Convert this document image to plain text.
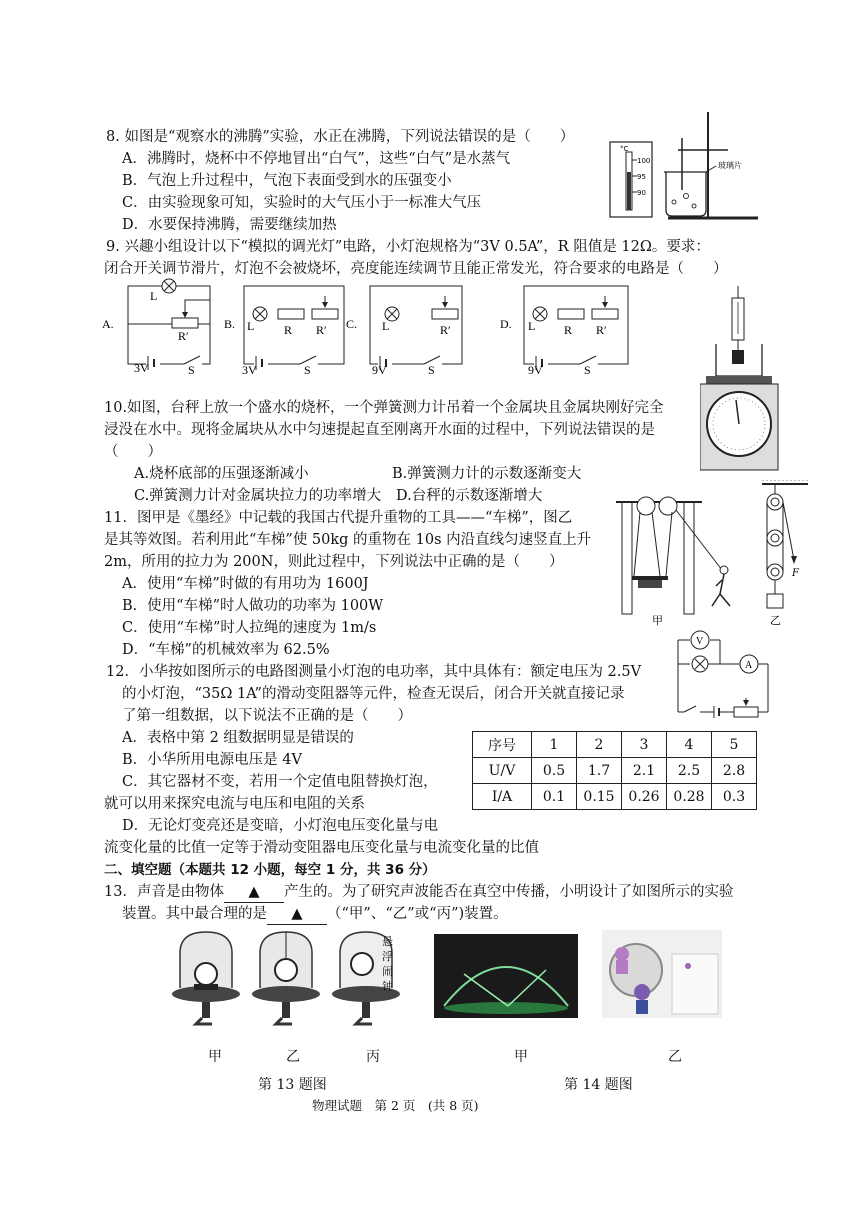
8. 如图是“观察水的沸腾”实验，水正在沸腾，下列说法错误的是（　　）
A．沸腾时，烧杯中不停地冒出“白气”，这些“白气”是水蒸气
B．气泡上升过程中，气泡下表面受到水的压强变小
C．由实验现象可知，实验时的大气压小于一标准大气压
D．水要保持沸腾，需要继续加热
°C
100
95
90
玻璃片
9. 兴趣小组设计以下“模拟的调光灯”电路，小灯泡规格为“3V 0.5A”，R 阻值是 12Ω。要求：
闭合开关调节滑片，灯泡不会被烧坏，亮度能连续调节且能正常发光，符合要求的电路是（　　）
A.
L
R′
3V	S
B. L R R′
3V	S
C. L	R′
9V	S
D. L R R′
9V	S
10.如图，台秤上放一个盛水的烧杯，一个弹簧测力计吊着一个金属块且金属块刚好完全
浸没在水中。现将金属块从水中匀速提起直至刚离开水面的过程中，下列说法错误的是
（　　）
A.烧杯底部的压强逐渐减小	B.弹簧测力计的示数逐渐变大
C.弹簧测力计对金属块拉力的功率增大 D.台秤的示数逐渐增大
11．图甲是《墨经》中记载的我国古代提升重物的工具——“车梯”，图乙
是其等效图。若利用此“车梯”使 50kg 的重物在 10s 内沿直线匀速竖直上升
2m，所用的拉力为 200N，则此过程中，下列说法中正确的是（　　）
A．使用“车梯”时做的有用功为 1600J
B．使用“车梯”时人做功的功率为 100W
C．使用“车梯”时人拉绳的速度为 1m/s
D．“车梯”的机械效率为 62.5%
甲
F
乙
12．小华按如图所示的电路图测量小灯泡的电功率，其中具体有：额定电压为 2.5V
的小灯泡，“35Ω 1A”的滑动变阻器等元件，检查无误后，闭合开关就直接记录
了第一组数据，以下说法不正确的是（　　）
A．表格中第 2 组数据明显是错误的
B．小华所用电源电压是 4V
C．其它器材不变，若用一个定值电阻替换灯泡，
就可以用来探究电流与电压和电阻的关系
D．无论灯变亮还是变暗，小灯泡电压变化量与电
流变化量的比值一定等于滑动变阻器电压变化量与电流变化量的比值
V
A
序号	1	2	3	4	5
U/V	0.5	1.7	2.1	2.5	2.8
I/A	0.1	0.15	0.26	0.28	0.3
二、填空题（本题共 12 小题，每空 1 分，共 36 分）
13．声音是由物体 ▲ 产生的。为了研究声波能否在真空中传播，小明设计了如图所示的实验
装置。其中最合理的是 ▲ （“甲”、“乙”或“丙”)装置。
悬浮闹钟
甲	乙	丙	甲	乙
第 13 题图	第 14 题图
物理试题　第 2 页　(共 8 页)
